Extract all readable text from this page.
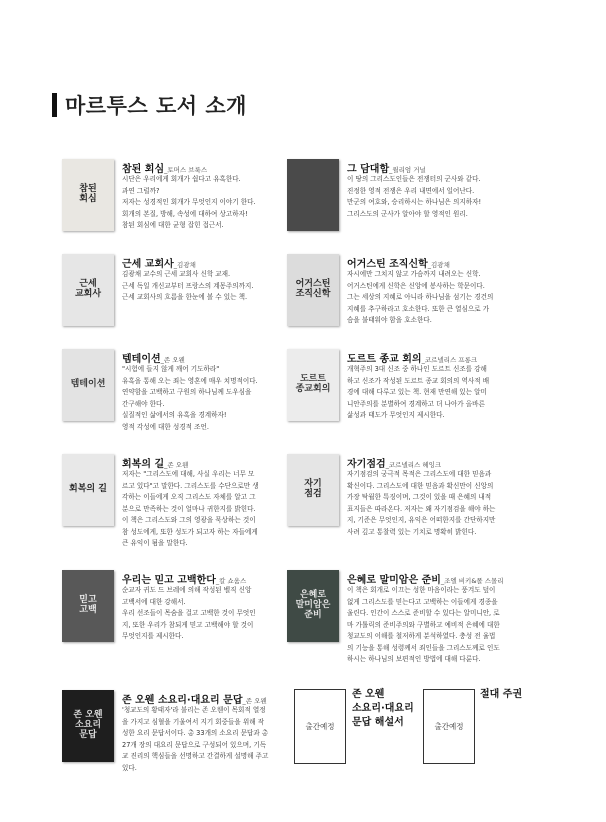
마르투스 도서 소개
참된
회심
참된 회심_토머스 브룩스
시단은 우리에게 회개가 쉽다고 유혹한다.
과연 그럴까?
저자는 성경적인 회개가 무엇인지 이야기 한다.
회개의 본질, 방해, 속성에 대하여 상고하자!
참된 회심에 대한 균형 잡힌 접근서.
근세
교회사
근세 교회사_김광채
김광채 교수의 근세 교회사 신학 교재.
근세 독일 개신교부터 프랑스의 계몽주의까지.
근세 교회사의 흐름을 한눈에 볼 수 있는 책.
템테이션
템테이션_존 오웬
"시험에 들지 않게 깨어 기도하라"
유혹을 통해 오는 죄는 영혼에 매우 치명적이다.
연약함을 고백하고 구원의 하나님께 도우심을
간구해야 한다.
실질적인 삶에서의 유혹을 경계하자!
영적 각성에 대한 성경적 조언.
회복의 길
회복의 길_존 오웬
저자는 "그리스도에 대해, 사실 우리는 너무 모
르고 있다"고 말한다. 그리스도를 수단으로만 생
각하는 이들에게 오직 그리스도 자체를 알고 그
분으로 만족하는 것이 얼마나 귀한지를 밝힌다.
이 책은 그리스도와 그의 영광을 묵상하는 것이
참 성도에게, 또한 성도가 되고자 하는 자들에게
큰 유익이 됨을 말한다.
믿고
고백
우리는 믿고 고백한다_칼 쇼움스
순교자 귀도 드 브레에 의해 작성된 벨직 신앙
고백서에 대한 강해서.
우리 선조들이 목숨을 걸고 고백한 것이 무엇인
지, 또한 우리가 참되게 믿고 고백해야 할 것이
무엇인지를 제시한다.
존 오웬
소요리
문답
존 오웬 소요리·대요리 문답_존 오웬
'청교도의 황태자'라 불리는 존 오웬이 목회적 열정
을 가지고 심혈을 기울여서 지기 회중들을 위해 작
성한 요리 문답서이다. 총 33개의 소요리 문답과 총
27개 장의 대요리 문답으로 구성되어 있으며, 기독
교 진리의 핵심들을 선명하고 간결하게 설명해 주고
있다.
그 담대함_윌리엄 거널
이 땅의 그리스도인들은 전쟁터의 군사와 같다.
진정한 영적 전쟁은 우리 내면에서 일어난다.
만군의 여호와, 승리하시는 하나님은 의지하자!
그리스도의 군사가 알아야 할 영적인 원리.
어거스틴
조직신학
어거스틴 조직신학_김광채
자시에만 그치지 않고 가슴까지 내려오는 신학.
어거스틴에게 신학은 신앙에 봉사하는 학문이다.
그는 세상의 지혜로 아니라 하나님을 섬기는 경건의
지혜를 추구하라고 호소한다. 또한 큰 열심으로 가
슴을 불태워야 함을 호소한다.
도르트
종교회의
도르트 종교 회의_코르넬리스 프롱크
개혁주의 3대 신조 중 하나인 도르트 신조를 강해
하고 신조가 작성된 도르트 종교 회의의 역사적 배
경에 대해 다루고 있는 책. 현재 만연해 있는 알미
니안주의를 분별하여 경계하고 더 나아가 올바른
삶성과 태도가 무엇인지 제시한다.
자기
점검
자기점검_코르넬리스 헤잉크
자기점검의 궁극적 목적은 그리스도에 대한 믿음과
확신이다. 그리스도에 대한 믿음과 확신만이 신앙의
가장 탁월한 특징이며, 그것이 있을 때 은혜의 내적
표지들은 따라온다. 저자는 왜 자기점검을 해야 하는
지, 기준은 무엇인지, 유익은 어떠한지를 간단하지만
사려 깊고 통찰력 있는 기치로 명확히 밝힌다.
은혜로
말미암은
준비
은혜로 말미암은 준비_조엘 비키&폴 스몰리
이 책은 회개로 이끄는 성한 마음이라는 풍겨도 덮이
없게 그리스도를 믿는다고 고백하는 이들에게 경종을
울린다. 인간이 스스로 준비할 수 있다는 알미니안, 로
마 가톨릭의 준비주의와 구별하고 예비적 은혜에 대한
청교도의 이해를 철저하게 분석하였다. 충성 전 율법
의 기능을 통해 성령께서 죄인들을 그리스도께로 인도
하시는 하나님의 보편적인 방법에 대해 다룬다.
출간예정
존 오웬
소요리·대요리
문답 해설서	출간예정
절대 주권
